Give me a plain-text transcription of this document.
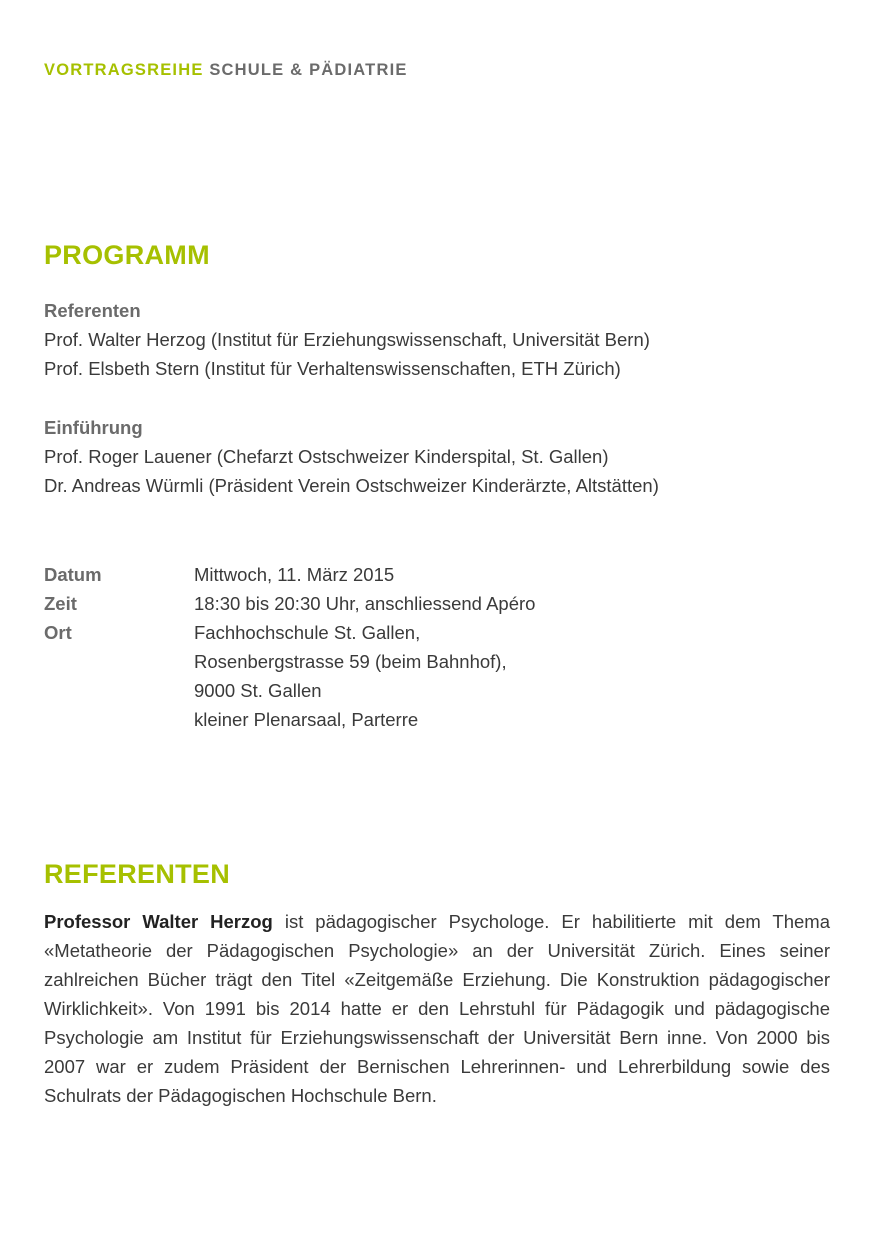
VORTRAGSREIHE SCHULE & PÄDIATRIE
PROGRAMM
Referenten
Prof. Walter Herzog (Institut für Erziehungswissenschaft, Universität Bern)
Prof. Elsbeth Stern (Institut für Verhaltenswissenschaften, ETH Zürich)
Einführung
Prof. Roger Lauener (Chefarzt Ostschweizer Kinderspital, St. Gallen)
Dr. Andreas Würmli (Präsident Verein Ostschweizer Kinderärzte, Altstätten)
Datum	Mittwoch, 11. März 2015
Zeit	18:30 bis 20:30 Uhr, anschliessend Apéro
Ort	Fachhochschule St. Gallen,
Rosenbergstrasse 59 (beim Bahnhof),
9000 St. Gallen
kleiner Plenarsaal, Parterre
REFERENTEN
Professor Walter Herzog ist pädagogischer Psychologe. Er habilitierte mit dem Thema «Metatheorie der Pädagogischen Psychologie» an der Universität Zürich. Eines seiner zahlreichen Bücher trägt den Titel «Zeitgemäße Erziehung. Die Konstruktion pädagogischer Wirklichkeit». Von 1991 bis 2014 hatte er den Lehrstuhl für Pädagogik und pädagogische Psychologie am Institut für Erziehungswissenschaft der Universität Bern inne. Von 2000 bis 2007 war er zudem Präsident der Bernischen Lehrerinnen- und Lehrerbildung sowie des Schulrats der Pädagogischen Hochschule Bern.
